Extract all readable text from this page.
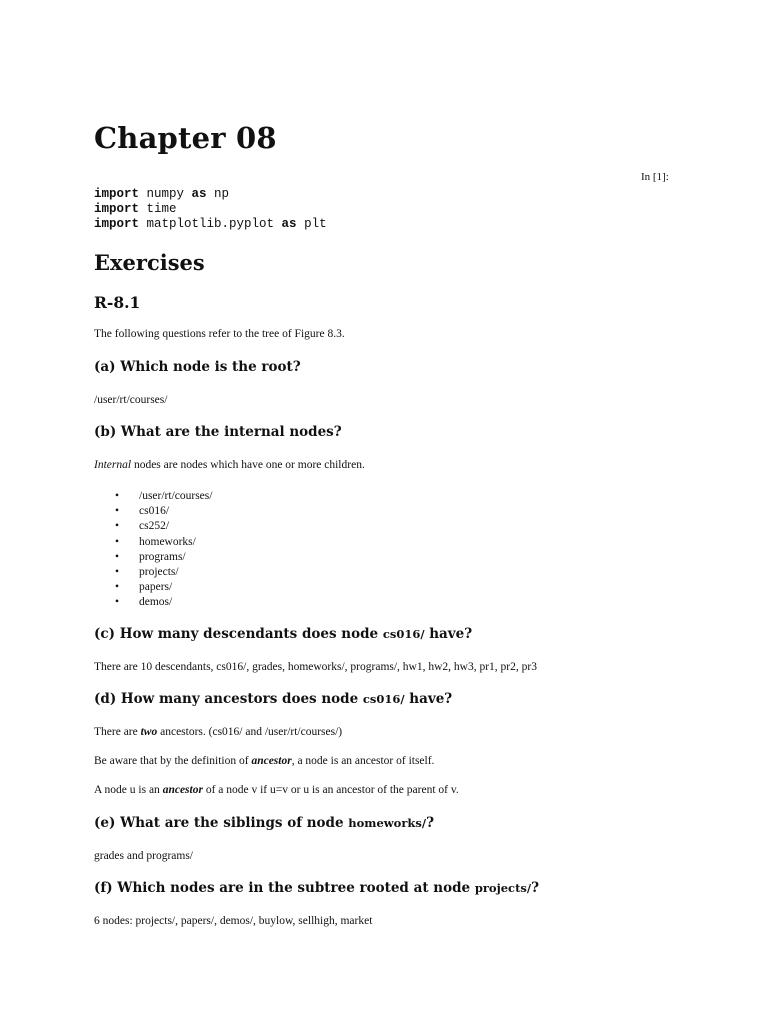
Chapter 08
In [1]:
import numpy as np
import time
import matplotlib.pyplot as plt
Exercises
R-8.1

The following questions refer to the tree of Figure 8.3.

(a) Which node is the root?

/user/rt/courses/

(b) What are the internal nodes?

Internal nodes are nodes which have one or more children.

• /user/rt/courses/
• cs016/
• cs252/
• homeworks/
• programs/
• projects/
• papers/
• demos/

(c) How many descendants does node cs016/ have?

There are 10 descendants, cs016/, grades, homeworks/, programs/, hw1, hw2, hw3, pr1, pr2, pr3

(d) How many ancestors does node cs016/ have?

There are two ancestors. (cs016/ and /user/rt/courses/)

Be aware that by the definition of ancestor, a node is an ancestor of itself.

A node u is an ancestor of a node v if u=v or u is an ancestor of the parent of v.

(e) What are the siblings of node homeworks/?

grades and programs/

(f) Which nodes are in the subtree rooted at node projects/?

6 nodes: projects/, papers/, demos/, buylow, sellhigh, market
